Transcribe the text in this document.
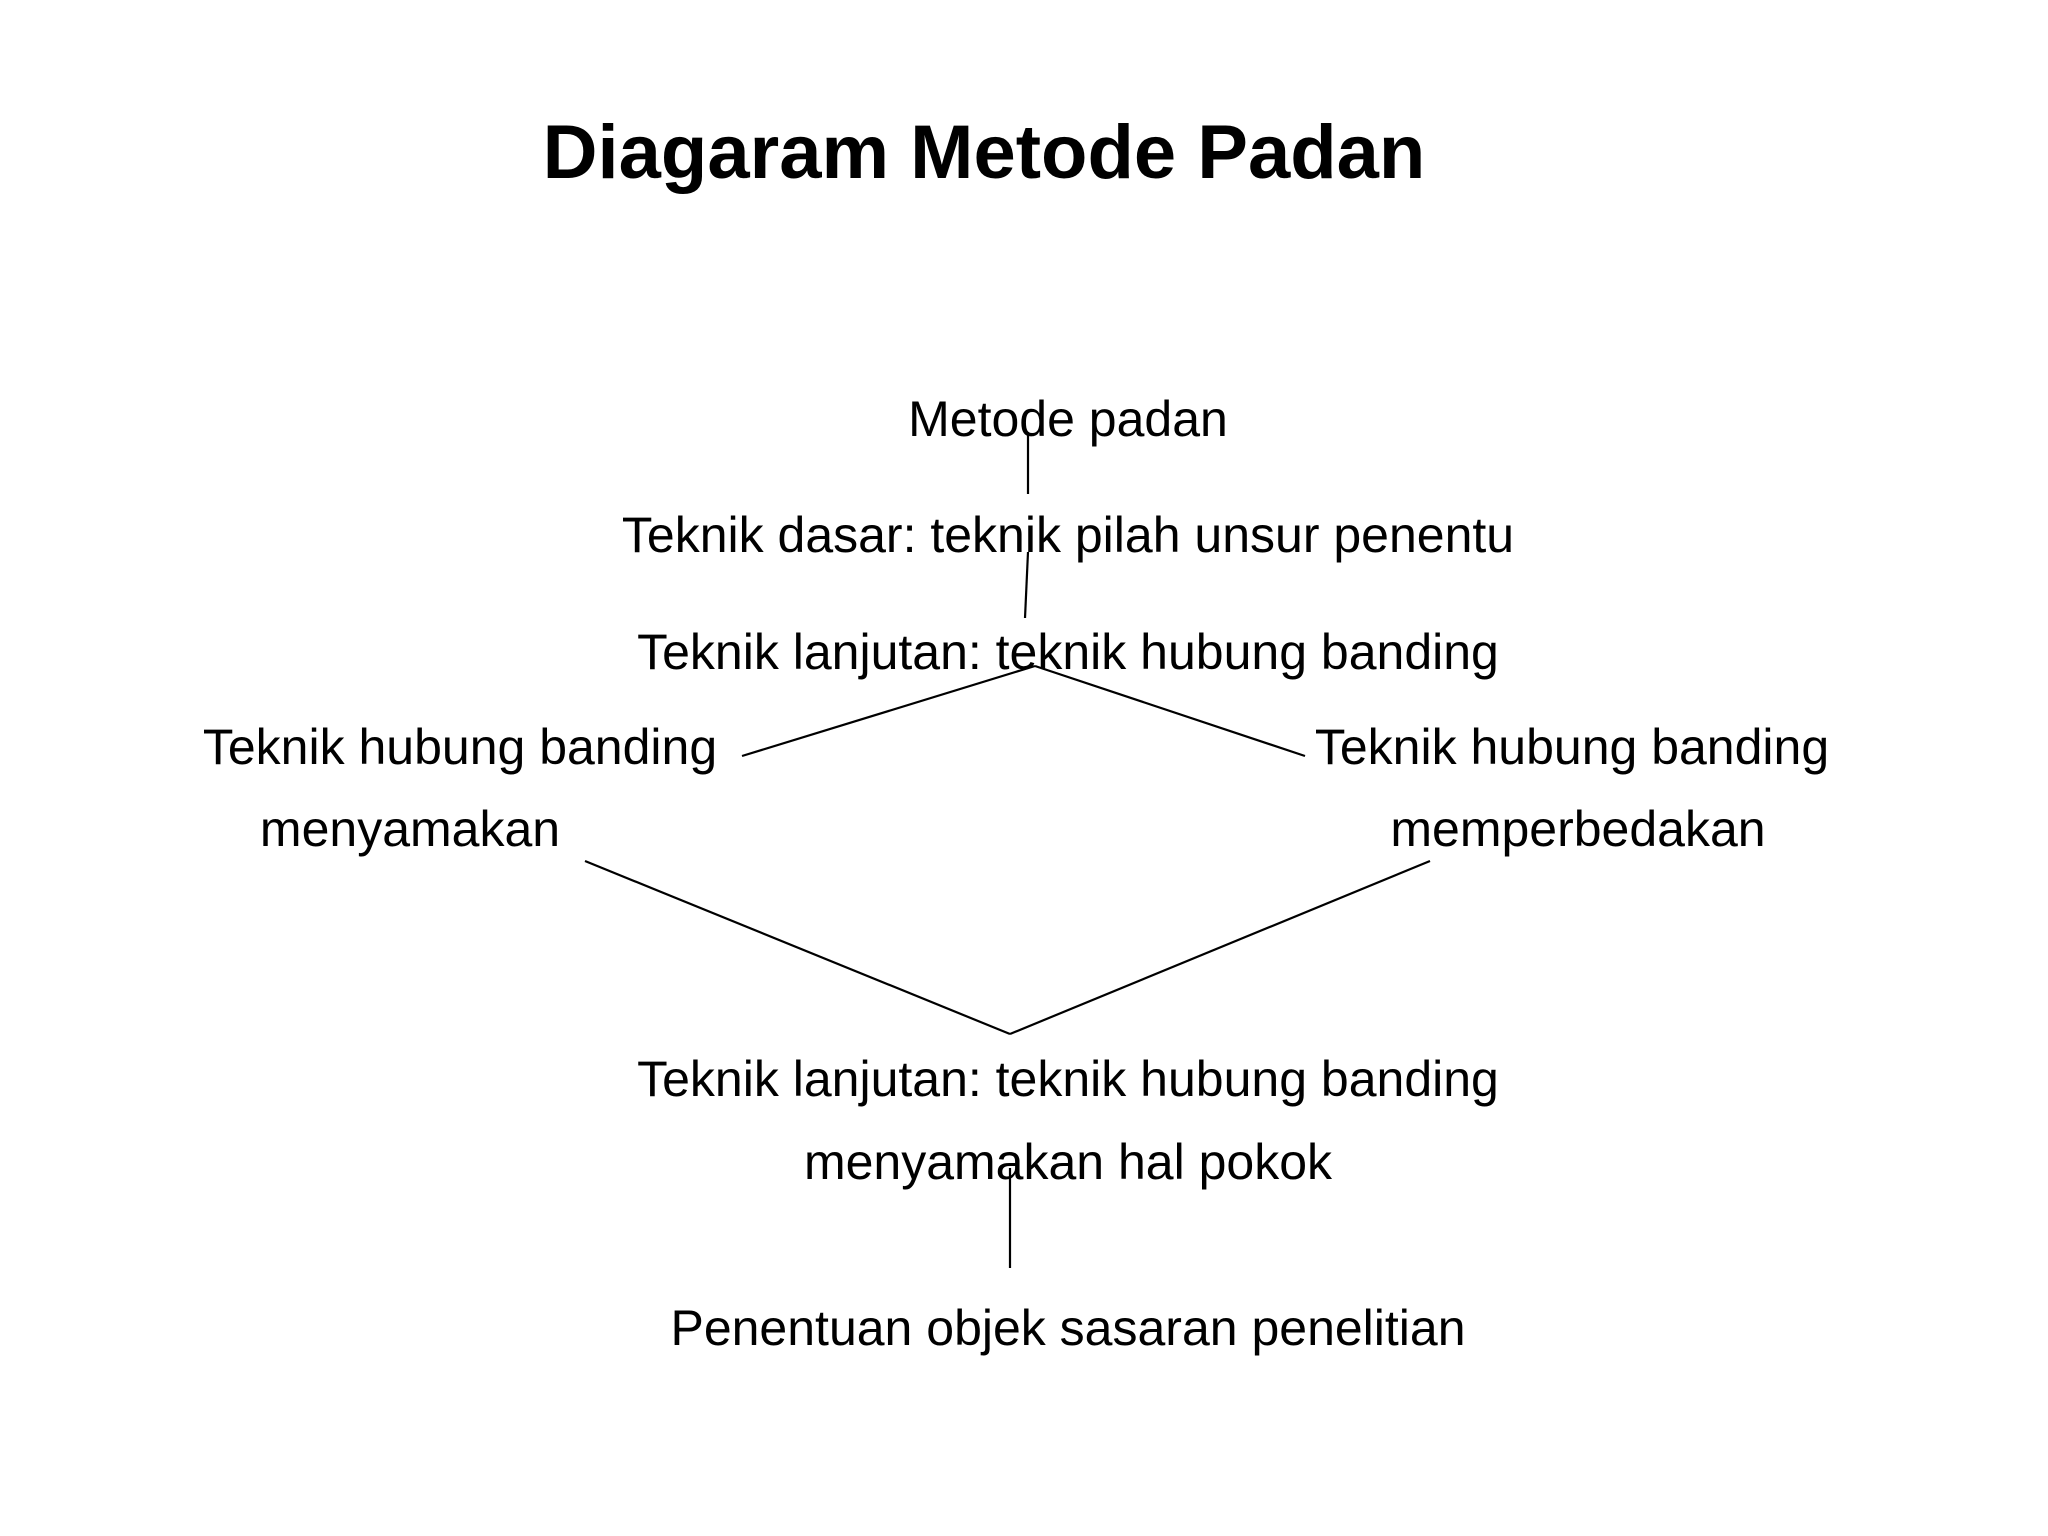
Diagaram Metode Padan
Metode padan
Teknik dasar: teknik pilah unsur penentu
Teknik lanjutan: teknik hubung banding
Teknik hubung banding
menyamakan
Teknik hubung banding
memperbedakan
Teknik lanjutan: teknik hubung banding
menyamakan hal pokok
Penentuan objek sasaran penelitian
